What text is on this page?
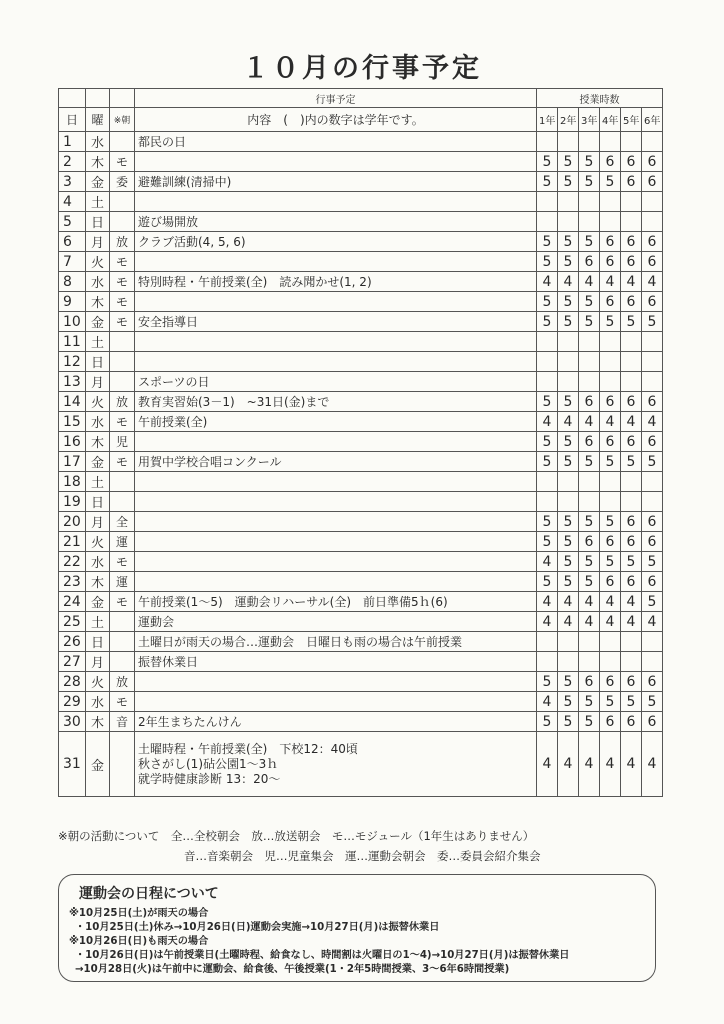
１０月の行事予定
			行事予定	授業時数					
日	曜	※朝	内容　(　)内の数字は学年です。	1年	2年	3年	4年	5年	6年
1	水		都民の日						
2	木	モ		5	5	5	6	6	6
3	金	委	避難訓練(清掃中)	5	5	5	5	6	6
4	土								
5	日		遊び場開放						
6	月	放	クラブ活動(4, 5, 6)	5	5	5	6	6	6
7	火	モ		5	5	6	6	6	6
8	水	モ	特別時程・午前授業(全)　読み聞かせ(1, 2)	4	4	4	4	4	4
9	木	モ		5	5	5	6	6	6
10	金	モ	安全指導日	5	5	5	5	5	5
11	土								
12	日								
13	月		スポーツの日						
14	火	放	教育実習始(3－1)　~31日(金)まで	5	5	6	6	6	6
15	水	モ	午前授業(全)	4	4	4	4	4	4
16	木	児		5	5	6	6	6	6
17	金	モ	用賀中学校合唱コンクール	5	5	5	5	5	5
18	土								
19	日								
20	月	全		5	5	5	5	6	6
21	火	運		5	5	6	6	6	6
22	水	モ		4	5	5	5	5	5
23	木	運		5	5	5	6	6	6
24	金	モ	午前授業(1～5)　運動会リハーサル(全)　前日準備5ｈ(6)	4	4	4	4	4	5
25	土		運動会	4	4	4	4	4	4
26	日		土曜日が雨天の場合…運動会　日曜日も雨の場合は午前授業						
27	月		振替休業日						
28	火	放		5	5	6	6	6	6
29	水	モ		4	5	5	5	5	5
30	木	音	2年生まちたんけん	5	5	5	6	6	6
31	金		土曜時程・午前授業(全)　下校12：40頃
秋さがし(1)砧公園1～3ｈ
就学時健康診断 13：20～	4	4	4	4	4	4
※朝の活動について　全…全校朝会　放…放送朝会　モ…モジュール（1年生はありません）
音…音楽朝会　児…児童集会　運…運動会朝会　委…委員会紹介集会
運動会の日程について
※10月25日(土)が雨天の場合
・10月25日(土)休み→10月26日(日)運動会実施→10月27日(月)は振替休業日
※10月26日(日)も雨天の場合
・10月26日(日)は午前授業日(土曜時程、給食なし、時間割は火曜日の1～4)→10月27日(月)は振替休業日
→10月28日(火)は午前中に運動会、給食後、午後授業(1・2年5時間授業、3～6年6時間授業)
